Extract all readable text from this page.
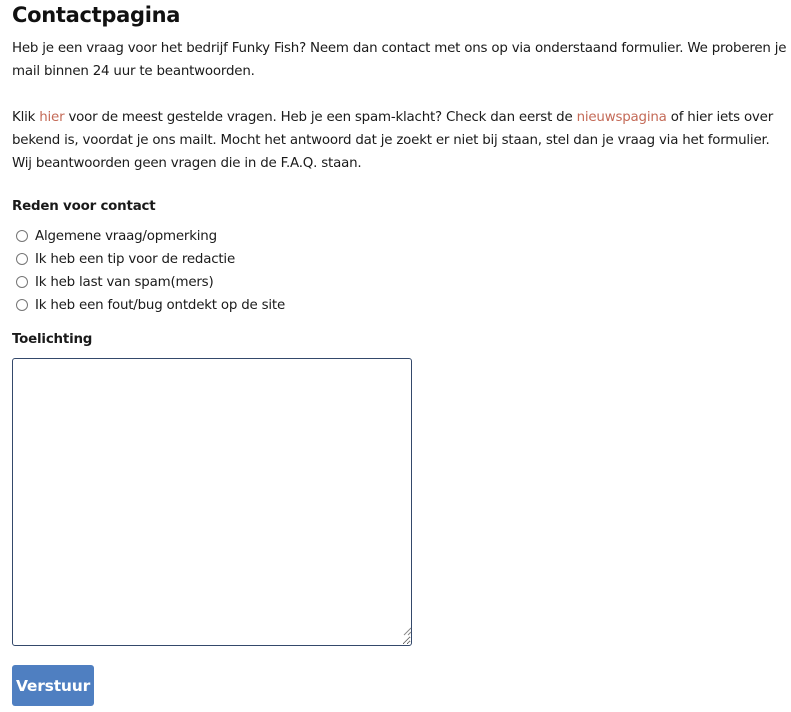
Contactpagina

Heb je een vraag voor het bedrijf Funky Fish? Neem dan contact met ons op via onderstaand formulier. We proberen je mail binnen 24 uur te beantwoorden.

Klik hier voor de meest gestelde vragen. Heb je een spam-klacht? Check dan eerst de nieuwspagina of hier iets over bekend is, voordat je ons mailt. Mocht het antwoord dat je zoekt er niet bij staan, stel dan je vraag via het formulier.
Wij beantwoorden geen vragen die in de F.A.Q. staan.

Reden voor contact
Algemene vraag/opmerking
Ik heb een tip voor de redactie
Ik heb last van spam(mers)
Ik heb een fout/bug ontdekt op de site
Toelichting
Verstuur
